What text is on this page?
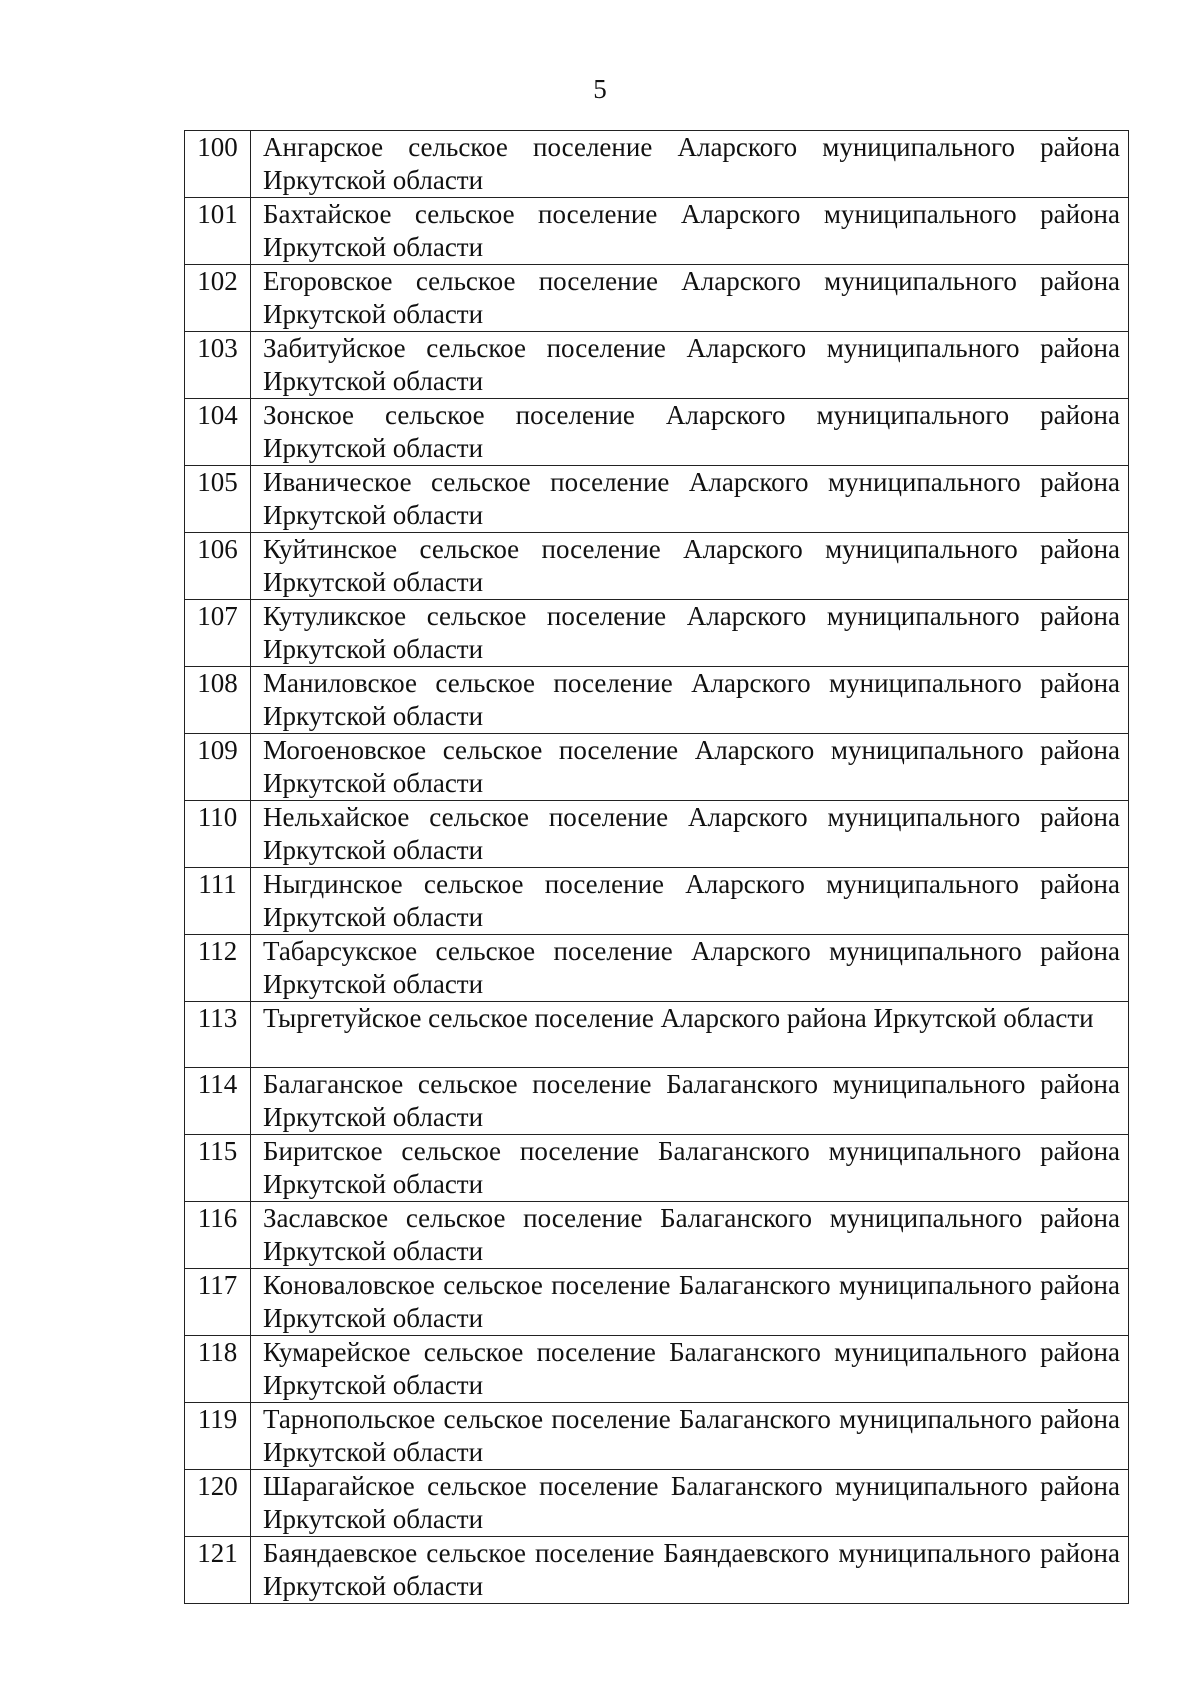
5
100	Ангарское сельское поселение Аларского муниципального района Иркутской области
101	Бахтайское сельское поселение Аларского муниципального района Иркутской области
102	Егоровское сельское поселение Аларского муниципального района Иркутской области
103	Забитуйское сельское поселение Аларского муниципального района Иркутской области
104	Зонское сельское поселение Аларского муниципального района Иркутской области
105	Иваническое сельское поселение Аларского муниципального района Иркутской области
106	Куйтинское сельское поселение Аларского муниципального района Иркутской области
107	Кутуликское сельское поселение Аларского муниципального района Иркутской области
108	Маниловское сельское поселение Аларского муниципального района Иркутской области
109	Могоеновское сельское поселение Аларского муниципального района Иркутской области
110	Нельхайское сельское поселение Аларского муниципального района Иркутской области
111	Ныгдинское сельское поселение Аларского муниципального района Иркутской области
112	Табарсукское сельское поселение Аларского муниципального района Иркутской области
113	Тыргетуйское сельское поселение Аларского района Иркутской области
114	Балаганское сельское поселение Балаганского муниципального района Иркутской области
115	Биритское сельское поселение Балаганского муниципального района Иркутской области
116	Заславское сельское поселение Балаганского муниципального района Иркутской области
117	Коноваловское сельское поселение Балаганского муниципального района Иркутской области
118	Кумарейское сельское поселение Балаганского муниципального района Иркутской области
119	Тарнопольское сельское поселение Балаганского муниципального района Иркутской области
120	Шарагайское сельское поселение Балаганского муниципального района Иркутской области
121	Баяндаевское сельское поселение Баяндаевского муниципального района Иркутской области
